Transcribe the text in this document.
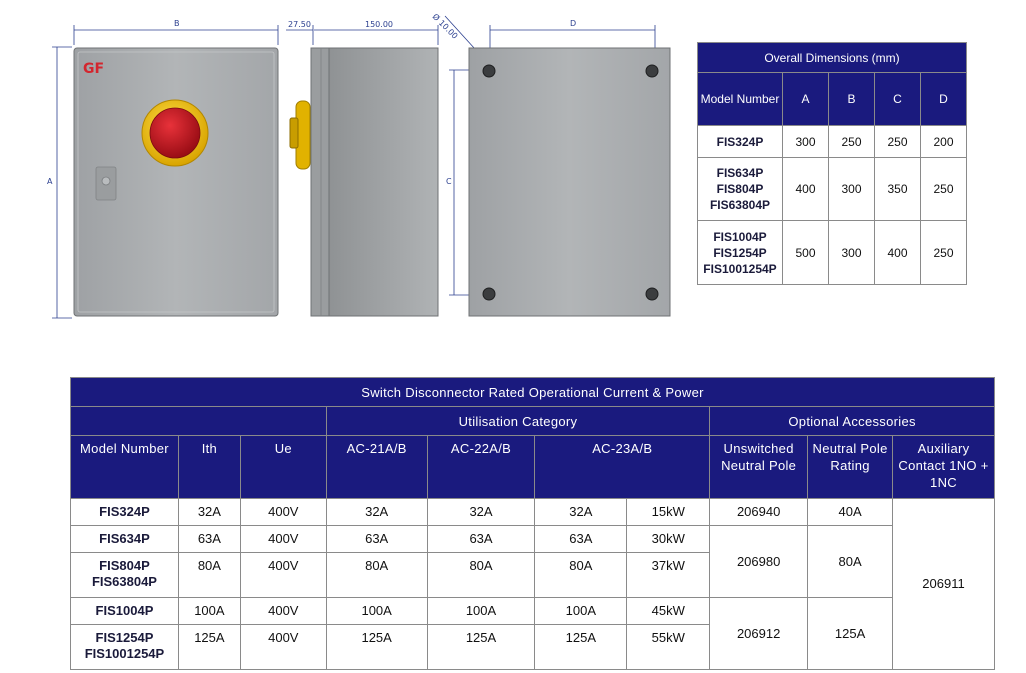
GF
B
A
27.50	150.00	Ø 10.00	D
C
Overall Dimensions (mm)				
Model Number	A	B	C	D

FIS324P	300	250	250	200

FIS634P
FIS804P
FIS63804P	400	300	350	250

FIS1004P
FIS1254P
FIS1001254P	500	300	400	250
Switch Disconnector Rated Operational Current & Power									
			Utilisation Category				Optional Accessories		
Model Number	Ith	Ue	AC-21A/B	AC-22A/B	AC-23A/B		Unswitched Neutral Pole	Neutral Pole Rating	Auxiliary Contact 1NO + 1NC
FIS324P	32A	400V	32A	32A	32A	15kW	206940	40A	206911
FIS634P	63A	400V	63A	63A	63A	30kW	206980	80A	

FIS804P
FIS63804P	80A	400V	80A	80A	80A	37kW			
FIS1004P	100A	400V	100A	100A	100A	45kW	206912	125A	

FIS1254P
FIS1001254P	125A	400V	125A	125A	125A	55kW			
